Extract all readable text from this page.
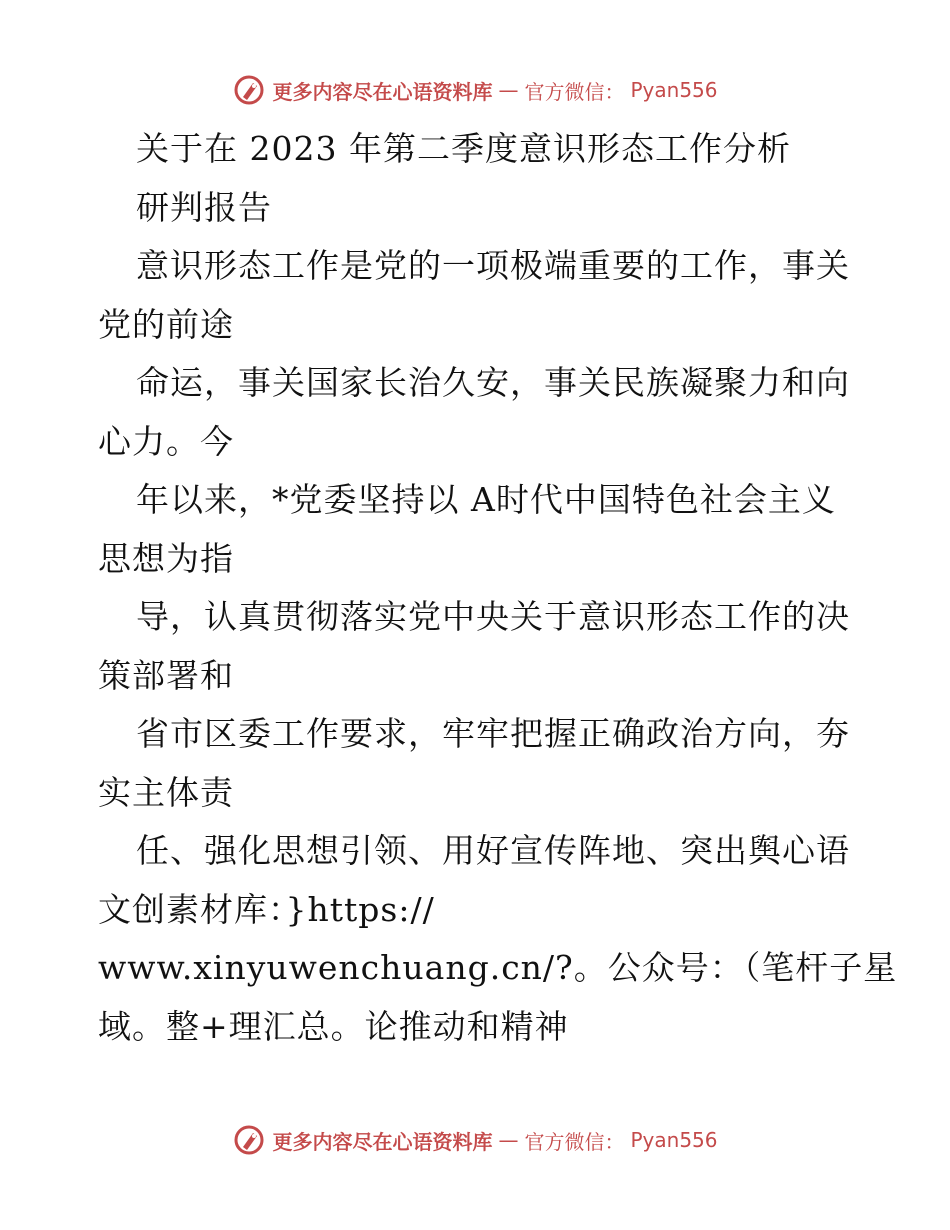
更多内容尽在心语资料库 — 官方微信： Pyan556
关于在 2023 年第二季度意识形态工作分析
研判报告
意识形态工作是党的一项极端重要的工作，事关
党的前途
命运，事关国家长治久安，事关民族凝聚力和向
心力。今
年以来，*党委坚持以 A时代中国特色社会主义
思想为指
导，认真贯彻落实党中央关于意识形态工作的决
策部署和
省市区委工作要求，牢牢把握正确政治方向，夯
实主体责
任、强化思想引领、用好宣传阵地、突出舆心语
文创素材库：}https://
www.xinyuwenchuang.cn/?。公众号：（笔杆子星
域。整+理汇总。论推动和精神
更多内容尽在心语资料库 — 官方微信： Pyan556
